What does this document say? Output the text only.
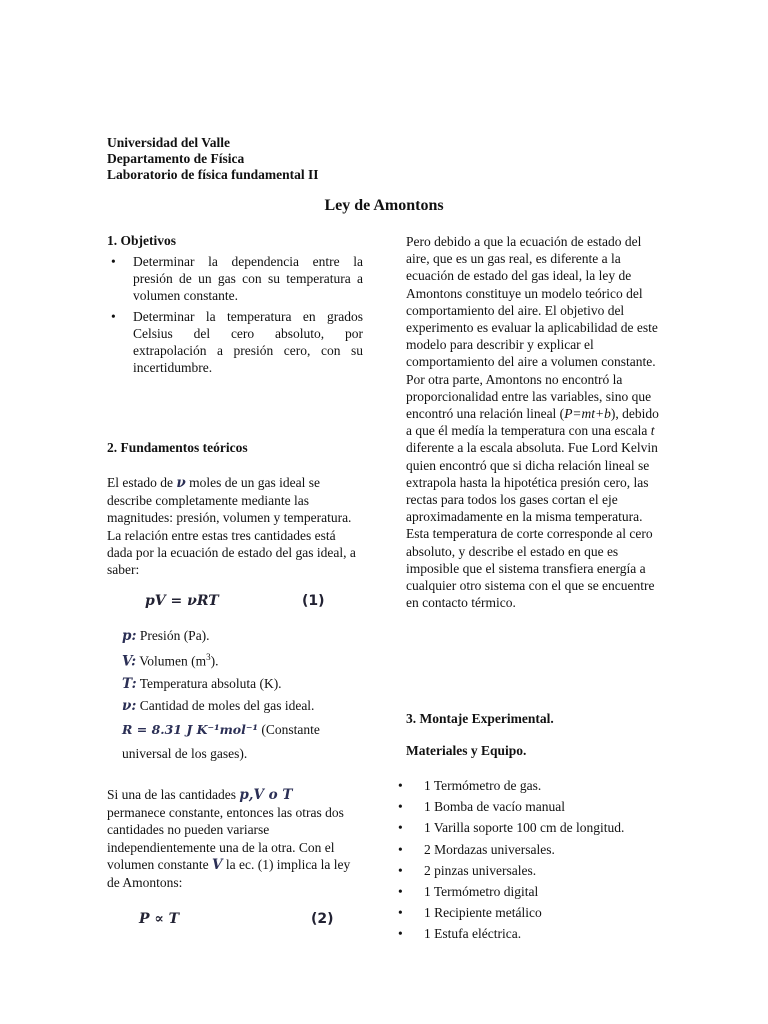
Universidad del Valle
Departamento de Física
Laboratorio de física fundamental II
Ley de Amontons
1. Objetivos
• Determinar la dependencia entre la presión de un gas con su temperatura a volumen constante.
• Determinar la temperatura en grados Celsius del cero absoluto, por extrapolación a presión cero, con su incertidumbre.
2. Fundamentos teóricos
El estado de ν moles de un gas ideal se describe completamente mediante las magnitudes: presión, volumen y temperatura. La relación entre estas tres cantidades está dada por la ecuación de estado del gas ideal, a saber:
pV = νRT	(1)
p: Presión (Pa).
V: Volumen $(m^3)$.
T: Temperatura absoluta (K).
ν: Cantidad de moles del gas ideal.
R = 8.31 J K⁻¹mol⁻¹ (Constante
universal de los gases).
Si una de las cantidades p,V o T
permanece constante, entonces las otras dos cantidades no pueden variarse independientemente una de la otra. Con el volumen constante V la ec. (1) implica la ley de Amontons:
P ∝ T	(2)
Pero debido a que la ecuación de estado del aire, que es un gas real, es diferente a la ecuación de estado del gas ideal, la ley de Amontons constituye un modelo teórico del comportamiento del aire. El objetivo del experimento es evaluar la aplicabilidad de este modelo para describir y explicar el comportamiento del aire a volumen constante. Por otra parte, Amontons no encontró la proporcionalidad entre las variables, sino que encontró una relación lineal (P=mt+b), debido a que él medía la temperatura con una escala t diferente a la escala absoluta. Fue Lord Kelvin quien encontró que si dicha relación lineal se extrapola hasta la hipotética presión cero, las rectas para todos los gases cortan el eje aproximadamente en la misma temperatura. Esta temperatura de corte corresponde al cero absoluto, y describe el estado en que es imposible que el sistema transfiera energía a cualquier otro sistema con el que se encuentre en contacto térmico.
3. Montaje Experimental.
Materiales y Equipo.
• 1 Termómetro de gas.
• 1 Bomba de vacío manual
• 1 Varilla soporte 100 cm de longitud.
• 2 Mordazas universales.
• 2 pinzas universales.
• 1 Termómetro digital
• 1 Recipiente metálico
• 1 Estufa eléctrica.
